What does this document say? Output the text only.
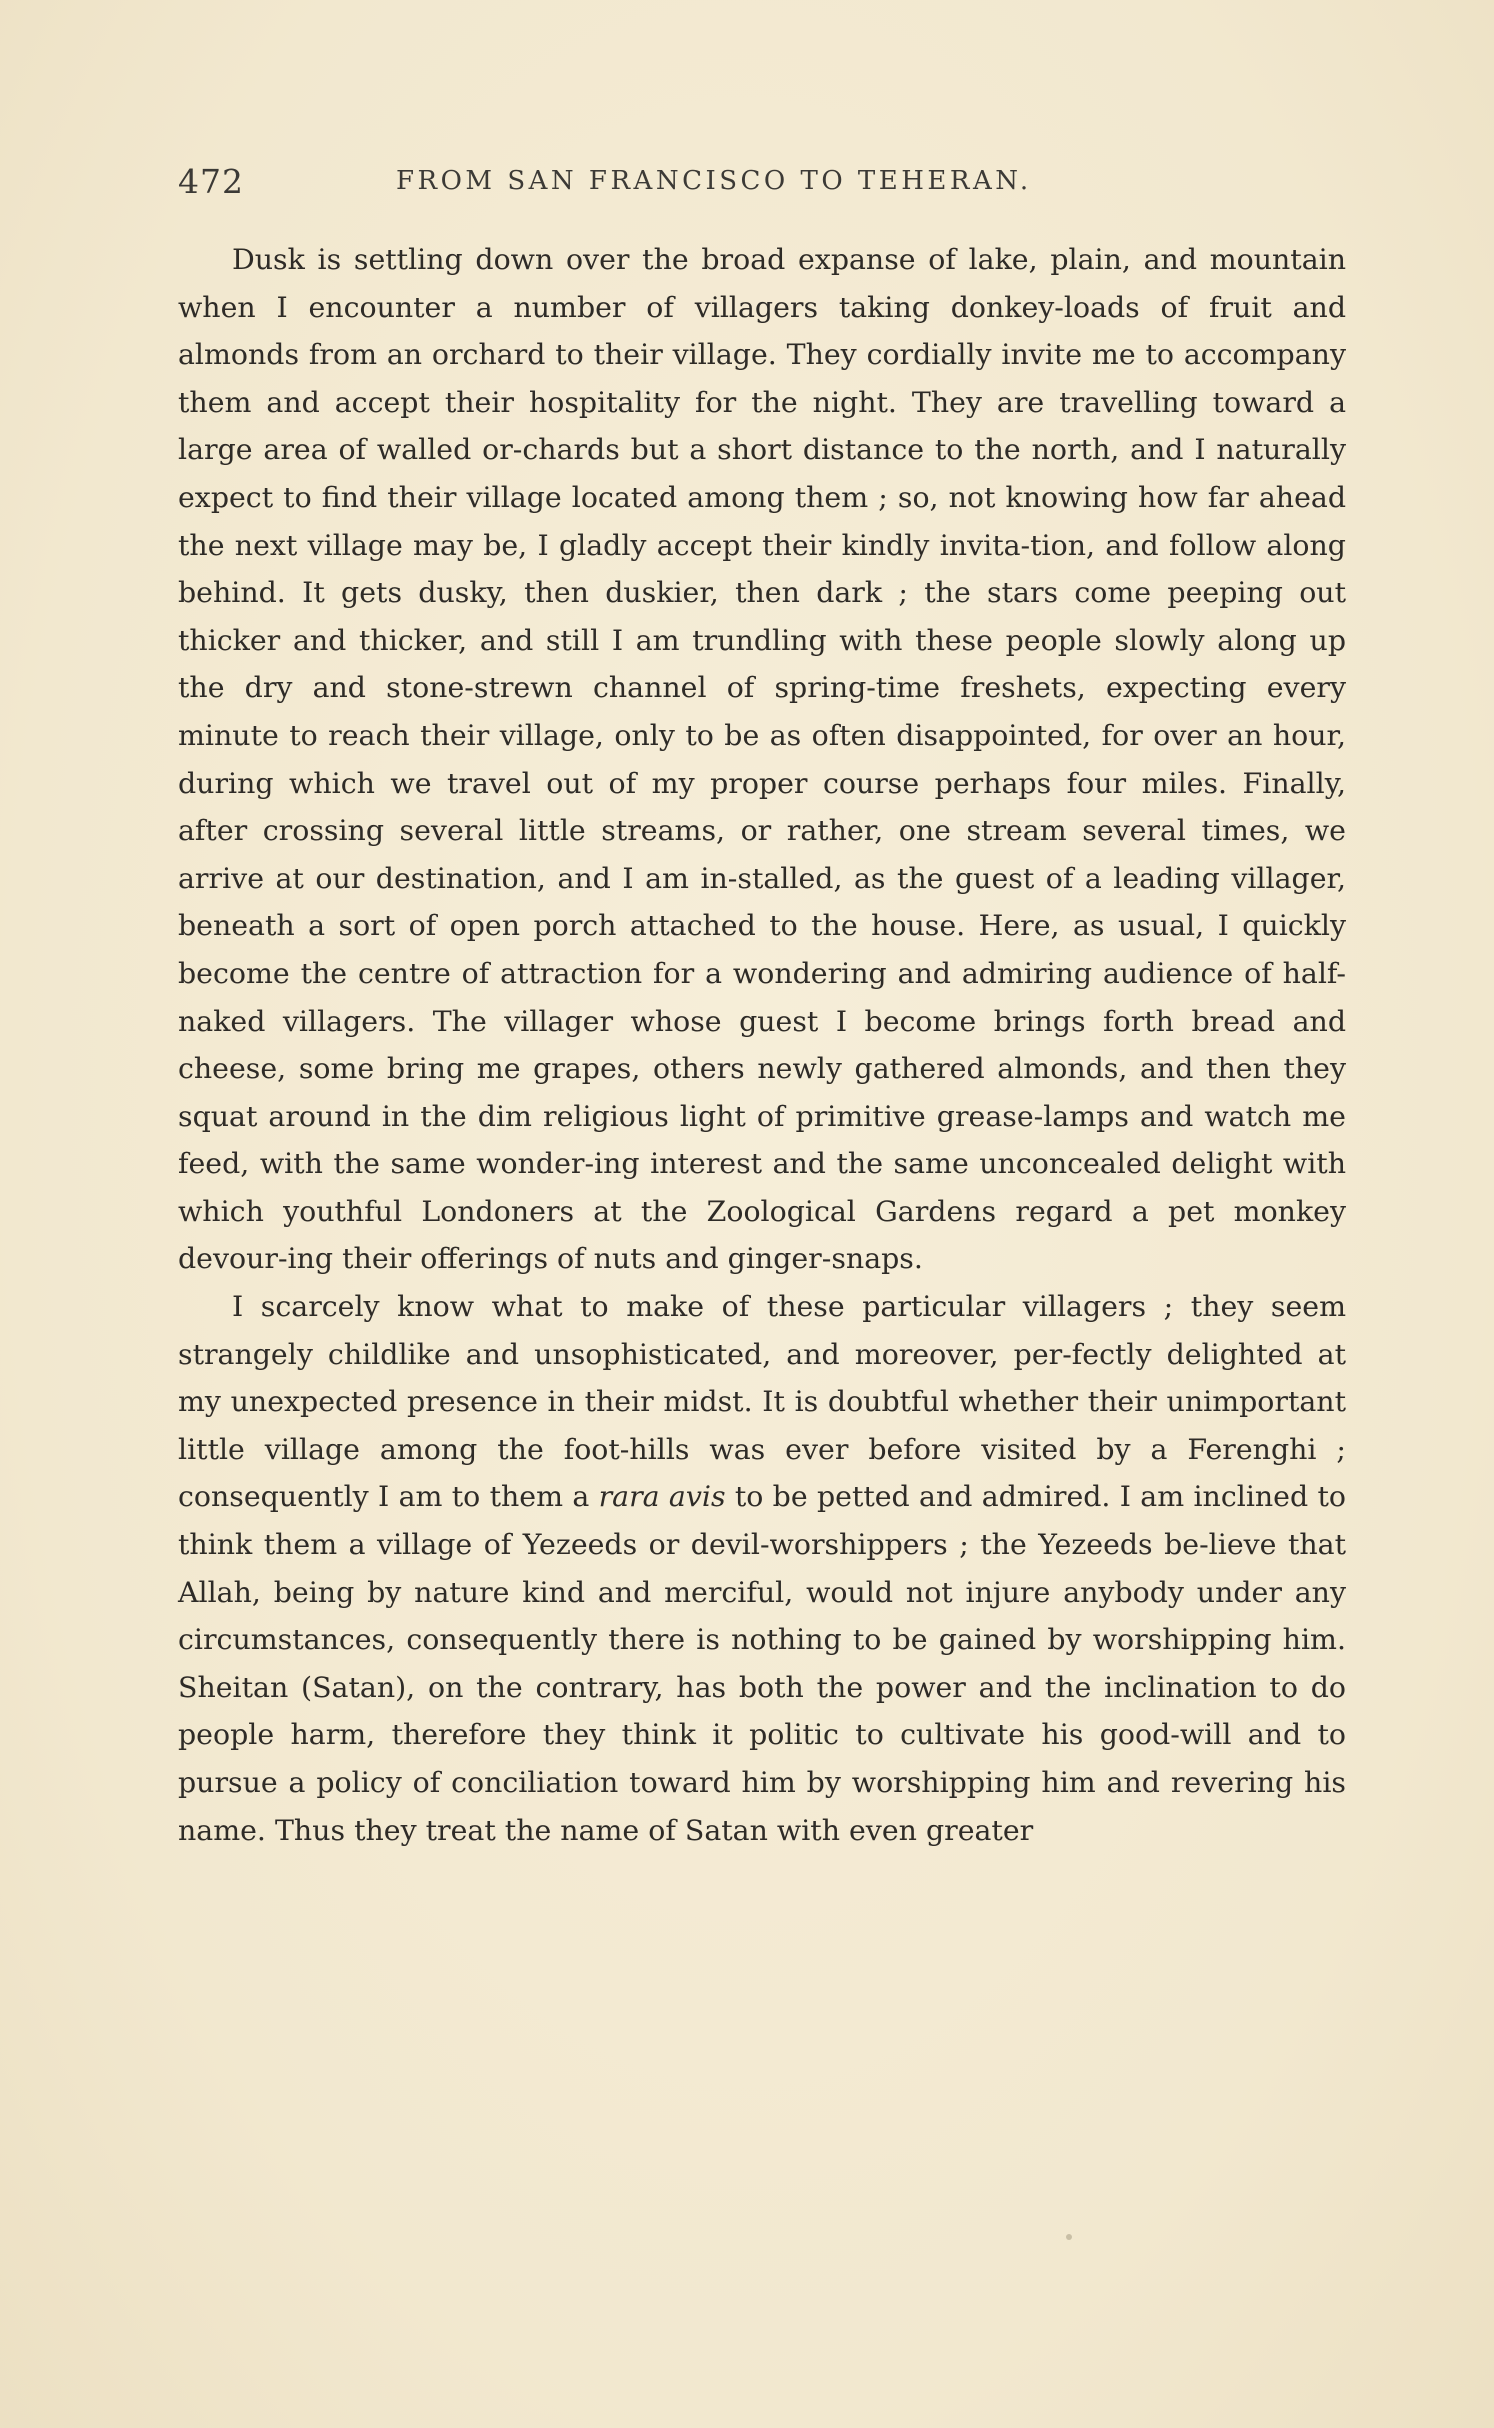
472	FROM SAN FRANCISCO TO TEHERAN.

Dusk is settling down over the broad expanse of lake, plain, and mountain when I encounter a number of villagers taking donkey-loads of fruit and almonds from an orchard to their village. They cordially invite me to accompany them and accept their hospitality for the night. They are travelling toward a large area of walled or-chards but a short distance to the north, and I naturally expect to find their village located among them ; so, not knowing how far ahead the next village may be, I gladly accept their kindly invita-tion, and follow along behind. It gets dusky, then duskier, then dark ; the stars come peeping out thicker and thicker, and still I am trundling with these people slowly along up the dry and stone-strewn channel of spring-time freshets, expecting every minute to reach their village, only to be as often disappointed, for over an hour, during which we travel out of my proper course perhaps four miles. Finally, after crossing several little streams, or rather, one stream several times, we arrive at our destination, and I am in-stalled, as the guest of a leading villager, beneath a sort of open porch attached to the house. Here, as usual, I quickly become the centre of attraction for a wondering and admiring audience of half-naked villagers. The villager whose guest I become brings forth bread and cheese, some bring me grapes, others newly gathered almonds, and then they squat around in the dim religious light of primitive grease-lamps and watch me feed, with the same wonder-ing interest and the same unconcealed delight with which youthful Londoners at the Zoological Gardens regard a pet monkey devour-ing their offerings of nuts and ginger-snaps.

I scarcely know what to make of these particular villagers ; they seem strangely childlike and unsophisticated, and moreover, per-fectly delighted at my unexpected presence in their midst. It is doubtful whether their unimportant little village among the foot-hills was ever before visited by a Ferenghi ; consequently I am to them a rara avis to be petted and admired. I am inclined to think them a village of Yezeeds or devil-worshippers ; the Yezeeds be-lieve that Allah, being by nature kind and merciful, would not injure anybody under any circumstances, consequently there is nothing to be gained by worshipping him. Sheitan (Satan), on the contrary, has both the power and the inclination to do people harm, therefore they think it politic to cultivate his good-will and to pursue a policy of conciliation toward him by worshipping him and revering his name. Thus they treat the name of Satan with even greater
